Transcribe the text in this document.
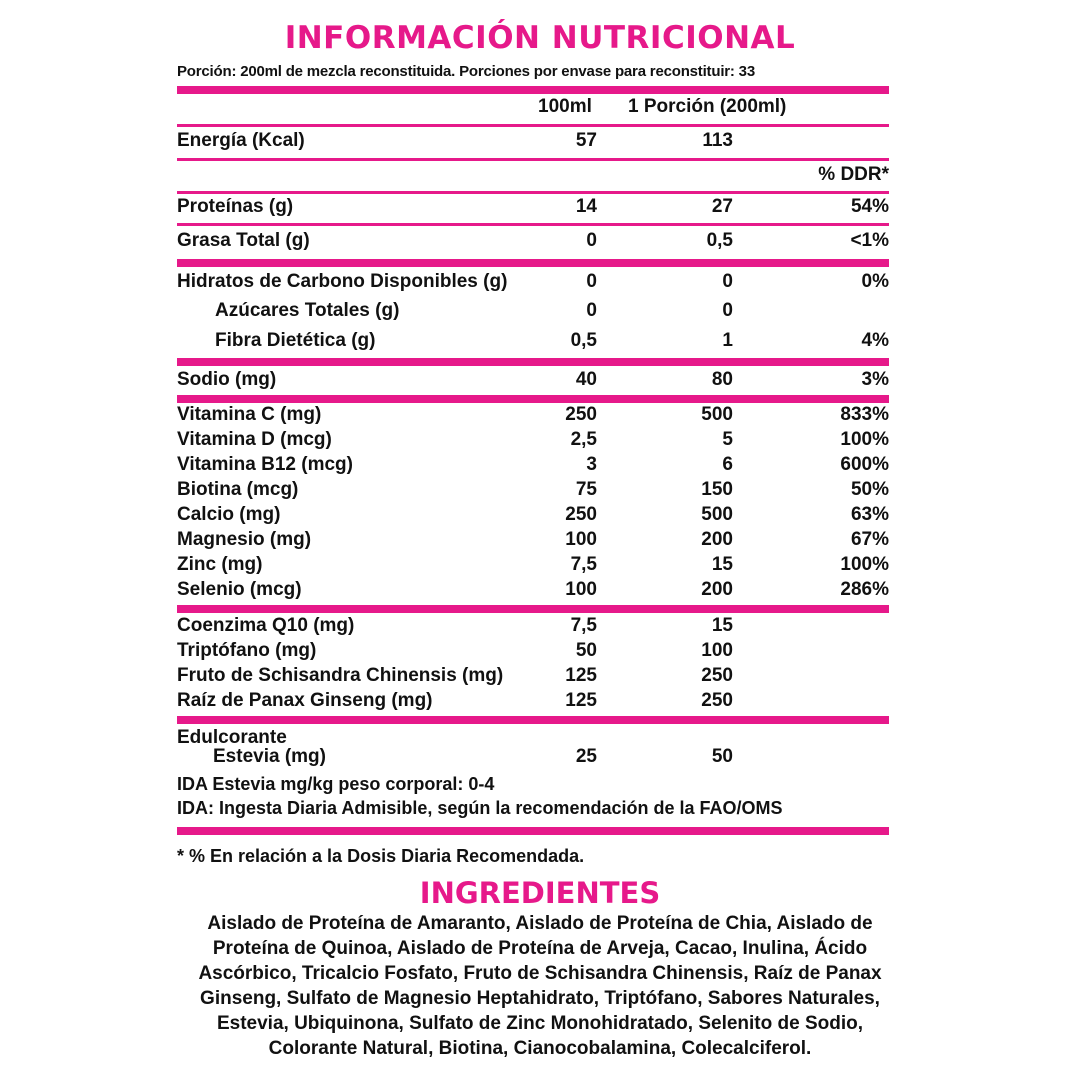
INFORMACIÓN NUTRICIONAL
Porción: 200ml de mezcla reconstituida. Porciones por envase para reconstituir: 33
100ml 1 Porción (200ml)
Energía (Kcal)	57	113
% DDR*
Proteínas (g)	14	27	54%
Grasa Total (g)	0	0,5	<1%
Hidratos de Carbono Disponibles (g)	0	0	0%
Azúcares Totales (g)	0	0
Fibra Dietética (g)	0,5	1	4%
Sodio (mg)	40	80	3%
Vitamina C (mg)	250	500	833%
Vitamina D (mcg)	2,5	5	100%
Vitamina B12 (mcg)	3	6	600%
Biotina (mcg)	75	150	50%
Calcio (mg)	250	500	63%
Magnesio (mg)	100	200	67%
Zinc (mg)	7,5	15	100%
Selenio (mcg)	100	200	286%
Coenzima Q10 (mg)	7,5	15
Triptófano (mg)	50	100
Fruto de Schisandra Chinensis (mg)	125	250
Raíz de Panax Ginseng (mg)	125	250
Edulcorante
Estevia (mg)	25	50
IDA Estevia mg/kg peso corporal: 0-4
IDA: Ingesta Diaria Admisible, según la recomendación de la FAO/OMS
* % En relación a la Dosis Diaria Recomendada.
INGREDIENTES
Aislado de Proteína de Amaranto, Aislado de Proteína de Chia, Aislado de
Proteína de Quinoa, Aislado de Proteína de Arveja, Cacao, Inulina, Ácido
Ascórbico, Tricalcio Fosfato, Fruto de Schisandra Chinensis, Raíz de Panax
Ginseng, Sulfato de Magnesio Heptahidrato, Triptófano, Sabores Naturales,
Estevia, Ubiquinona, Sulfato de Zinc Monohidratado, Selenito de Sodio,
Colorante Natural, Biotina, Cianocobalamina, Colecalciferol.
